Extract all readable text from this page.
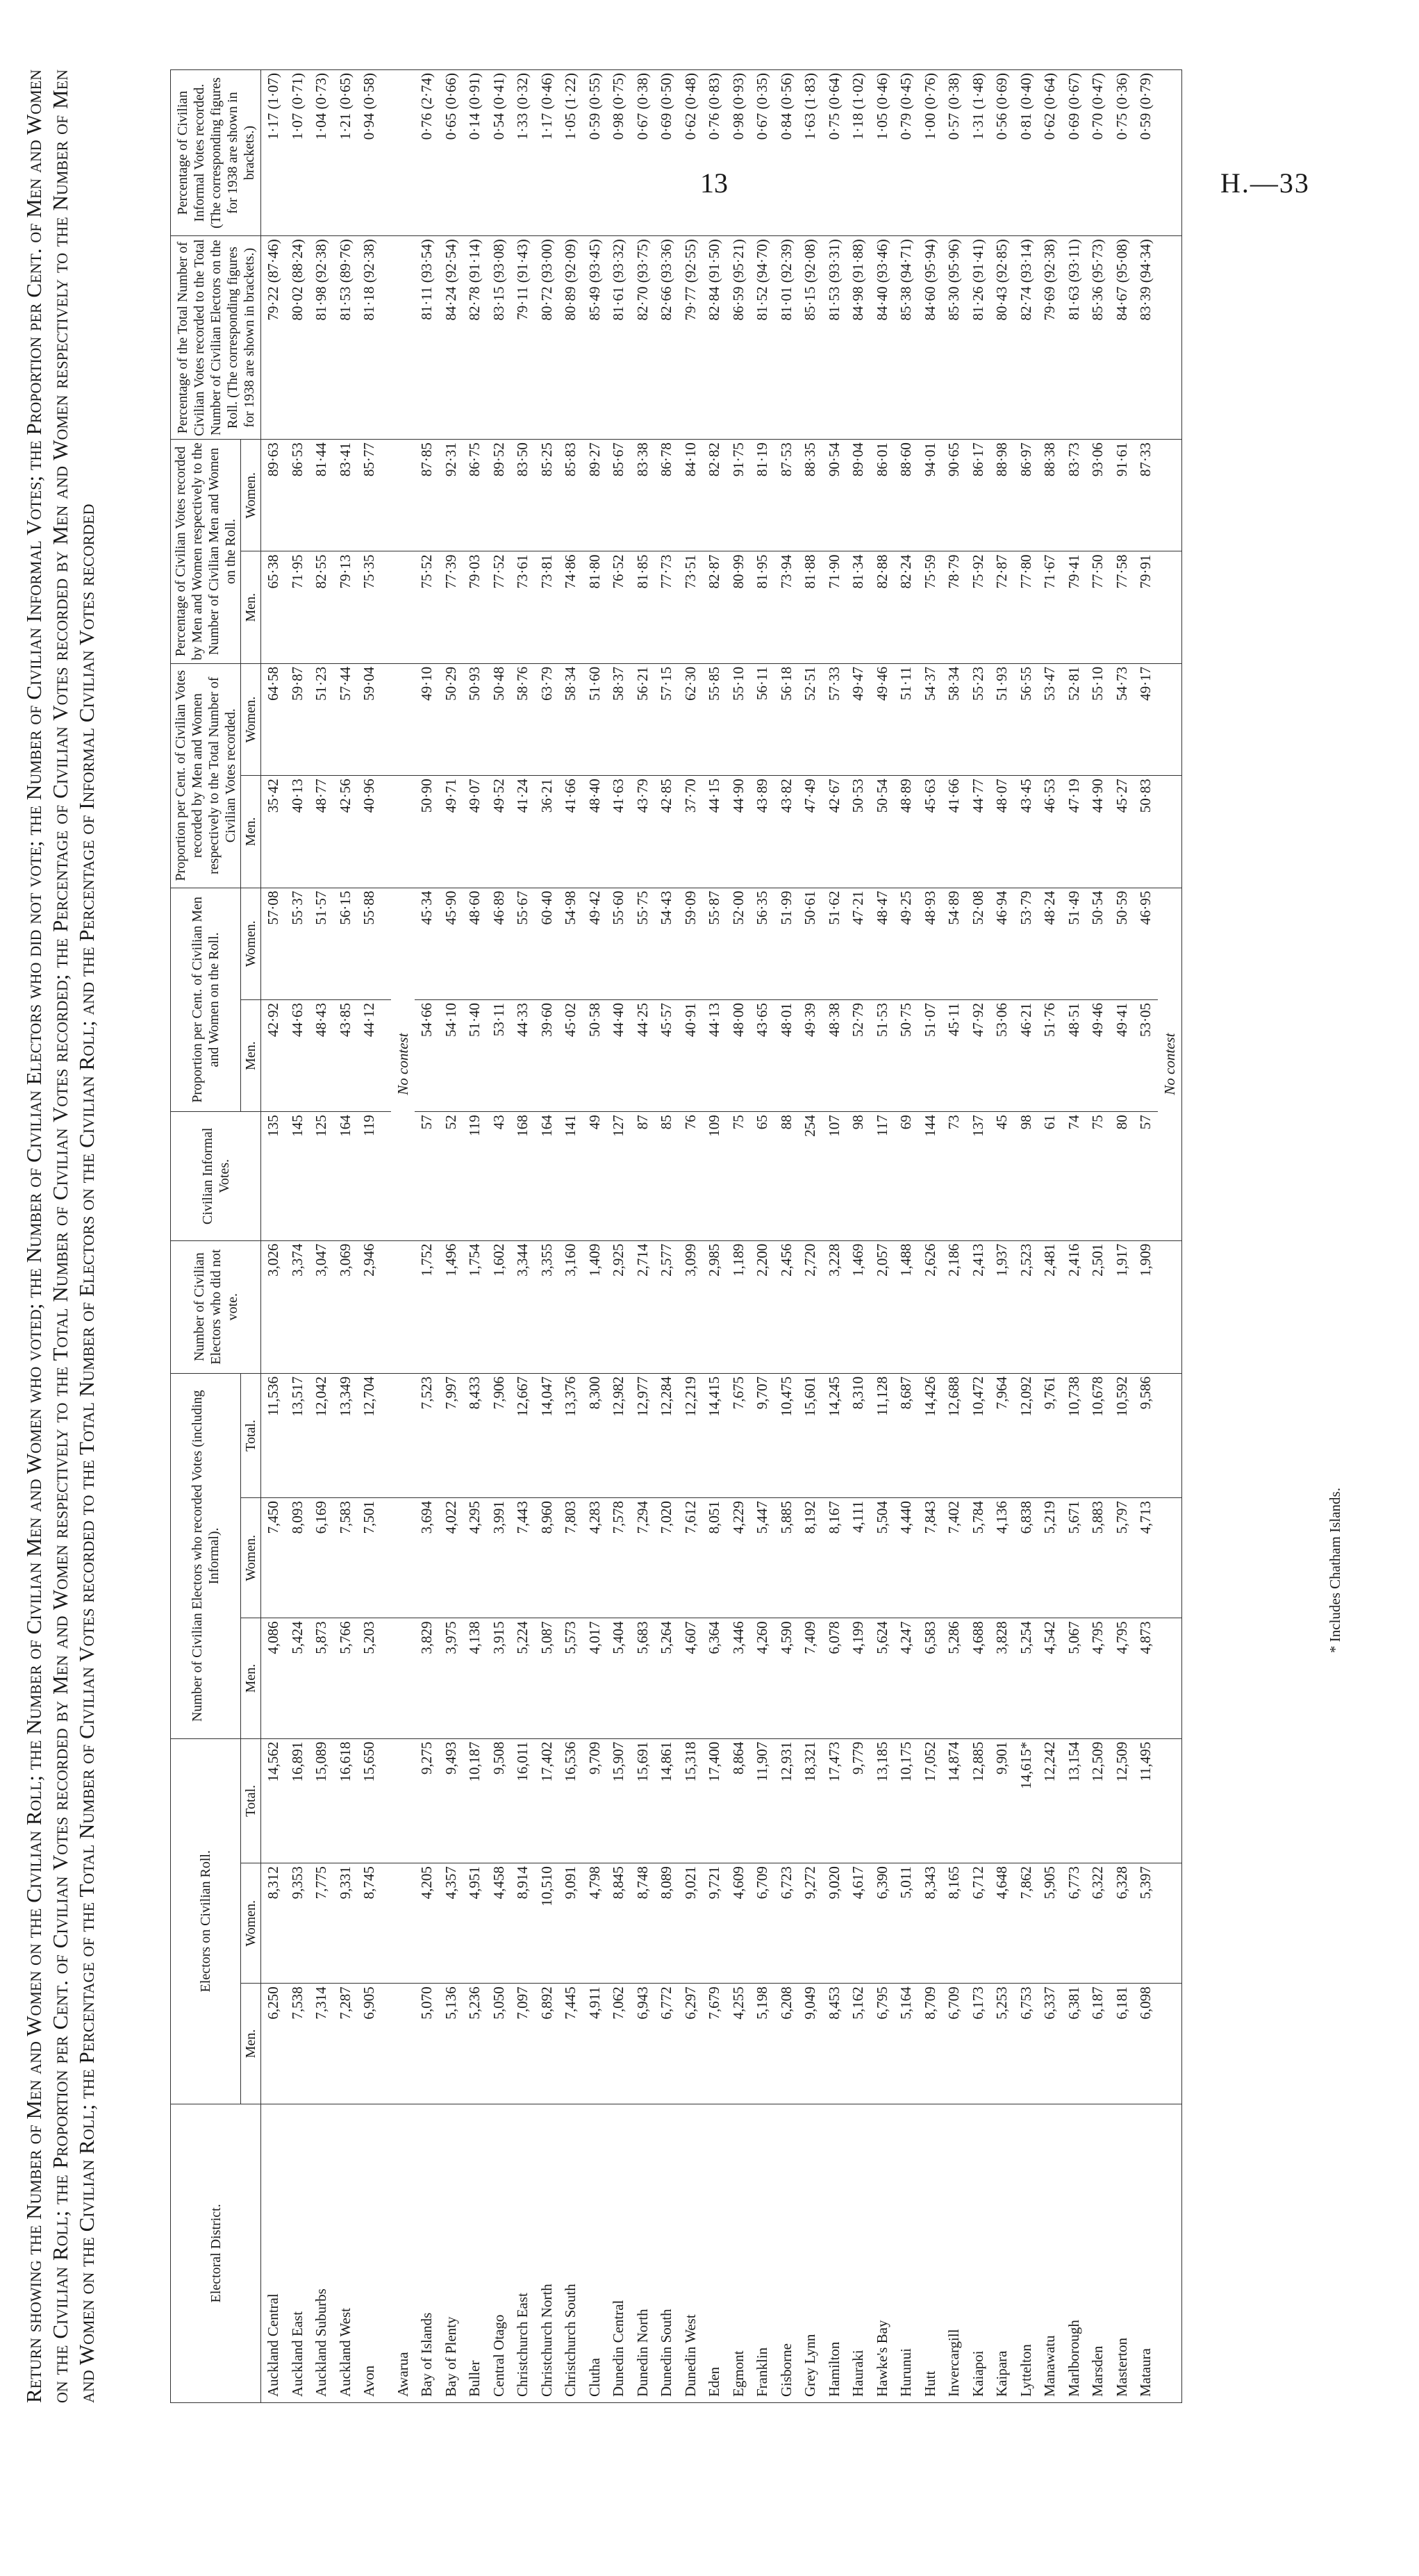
13	H.—33
Return showing the Number of Men and Women on the Civilian Roll; the Number of Civilian Men and Women who voted; the Number of Civilian Electors who did not vote; the Number of Civilian Informal Votes; the Proportion per Cent. of Men and Women on the Civilian Roll; the Proportion per Cent. of Civilian Votes recorded by Men and Women respectively to the Total Number of Civilian Votes recorded; the Percentage of Civilian Votes recorded by Men and Women respectively to the Number of Men and Women on the Civilian Roll; the Percentage of the Total Number of Civilian Votes recorded to the Total Number of Electors on the Civilian Roll; and the Percentage of Informal Civilian Votes recorded	Electoral District.	Electors on Civilian Roll.			Number of Civilian Electors who recorded Votes (including Informal).			Number of Civilian Electors who did not vote.	Civilian Informal Votes.	Proportion per Cent. of Civilian Men and Women on the Roll.		Proportion per Cent. of Civilian Votes recorded by Men and Women respectively to the Total Number of Civilian Votes recorded.		Percentage of Civilian Votes recorded by Men and Women respectively to the Number of Civilian Men and Women on the Roll.		Percentage of the Total Number of Civilian Votes recorded to the Total Number of Civilian Electors on the Roll. (The corresponding figures for 1938 are shown in brackets.)	Percentage of Civilian Informal Votes recorded. (The corresponding figures for 1938 are shown in brackets.)
	Men.	Women.	Total.	Men.	Women.	Total.			Men.	Women.	Men.	Women.	Men.	Women.		
Auckland Central	6,250	8,312	14,562	4,086	7,450	11,536	3,026	135	42·92	57·08	35·42	64·58	65·38	89·63	79·22 (87·46)	1·17 (1·07)
Auckland East	7,538	9,353	16,891	5,424	8,093	13,517	3,374	145	44·63	55·37	40·13	59·87	71·95	86·53	80·02 (88·24)	1·07 (0·71)
Auckland Suburbs	7,314	7,775	15,089	5,873	6,169	12,042	3,047	125	48·43	51·57	48·77	51·23	82·55	81·44	81·98 (92·38)	1·04 (0·73)
Auckland West	7,287	9,331	16,618	5,766	7,583	13,349	3,069	164	43·85	56·15	42·56	57·44	79·13	83·41	81·53 (89·76)	1·21 (0·65)
Avon	6,905	8,745	15,650	5,203	7,501	12,704	2,946	119	44·12	55·88	40·96	59·04	75·35	85·77	81·18 (92·38)	0·94 (0·58)

Awarua								No contest								
Bay of Islands	5,070	4,205	9,275	3,829	3,694	7,523	1,752	57	54·66	45·34	50·90	49·10	75·52	87·85	81·11 (93·54)	0·76 (2·74)
Bay of Plenty	5,136	4,357	9,493	3,975	4,022	7,997	1,496	52	54·10	45·90	49·71	50·29	77·39	92·31	84·24 (92·54)	0·65 (0·66)
Buller	5,236	4,951	10,187	4,138	4,295	8,433	1,754	119	51·40	48·60	49·07	50·93	79·03	86·75	82·78 (91·14)	0·14 (0·91)
Central Otago	5,050	4,458	9,508	3,915	3,991	7,906	1,602	43	53·11	46·89	49·52	50·48	77·52	89·52	83·15 (93·08)	0·54 (0·41)
Christchurch East	7,097	8,914	16,011	5,224	7,443	12,667	3,344	168	44·33	55·67	41·24	58·76	73·61	83·50	79·11 (91·43)	1·33 (0·32)
Christchurch North	6,892	10,510	17,402	5,087	8,960	14,047	3,355	164	39·60	60·40	36·21	63·79	73·81	85·25	80·72 (93·00)	1·17 (0·46)
Christchurch South	7,445	9,091	16,536	5,573	7,803	13,376	3,160	141	45·02	54·98	41·66	58·34	74·86	85·83	80·89 (92·09)	1·05 (1·22)
Clutha	4,911	4,798	9,709	4,017	4,283	8,300	1,409	49	50·58	49·42	48·40	51·60	81·80	89·27	85·49 (93·45)	0·59 (0·55)
Dunedin Central	7,062	8,845	15,907	5,404	7,578	12,982	2,925	127	44·40	55·60	41·63	58·37	76·52	85·67	81·61 (93·32)	0·98 (0·75)
Dunedin North	6,943	8,748	15,691	5,683	7,294	12,977	2,714	87	44·25	55·75	43·79	56·21	81·85	83·38	82·70 (93·75)	0·67 (0·38)
Dunedin South	6,772	8,089	14,861	5,264	7,020	12,284	2,577	85	45·57	54·43	42·85	57·15	77·73	86·78	82·66 (93·36)	0·69 (0·50)
Dunedin West	6,297	9,021	15,318	4,607	7,612	12,219	3,099	76	40·91	59·09	37·70	62·30	73·51	84·10	79·77 (92·55)	0·62 (0·48)
Eden	7,679	9,721	17,400	6,364	8,051	14,415	2,985	109	44·13	55·87	44·15	55·85	82·87	82·82	82·84 (91·50)	0·76 (0·83)
Egmont	4,255	4,609	8,864	3,446	4,229	7,675	1,189	75	48·00	52·00	44·90	55·10	80·99	91·75	86·59 (95·21)	0·98 (0·93)
Franklin	5,198	6,709	11,907	4,260	5,447	9,707	2,200	65	43·65	56·35	43·89	56·11	81·95	81·19	81·52 (94·70)	0·67 (0·35)
Gisborne	6,208	6,723	12,931	4,590	5,885	10,475	2,456	88	48·01	51·99	43·82	56·18	73·94	87·53	81·01 (92·39)	0·84 (0·56)
Grey Lynn	9,049	9,272	18,321	7,409	8,192	15,601	2,720	254	49·39	50·61	47·49	52·51	81·88	88·35	85·15 (92·08)	1·63 (1·83)
Hamilton	8,453	9,020	17,473	6,078	8,167	14,245	3,228	107	48·38	51·62	42·67	57·33	71·90	90·54	81·53 (93·31)	0·75 (0·64)
Hauraki	5,162	4,617	9,779	4,199	4,111	8,310	1,469	98	52·79	47·21	50·53	49·47	81·34	89·04	84·98 (91·88)	1·18 (1·02)
Hawke's Bay	6,795	6,390	13,185	5,624	5,504	11,128	2,057	117	51·53	48·47	50·54	49·46	82·88	86·01	84·40 (93·46)	1·05 (0·46)
Hurunui	5,164	5,011	10,175	4,247	4,440	8,687	1,488	69	50·75	49·25	48·89	51·11	82·24	88·60	85·38 (94·71)	0·79 (0·45)
Hutt	8,709	8,343	17,052	6,583	7,843	14,426	2,626	144	51·07	48·93	45·63	54·37	75·59	94·01	84·60 (95·94)	1·00 (0·76)
Invercargill	6,709	8,165	14,874	5,286	7,402	12,688	2,186	73	45·11	54·89	41·66	58·34	78·79	90·65	85·30 (95·96)	0·57 (0·38)
Kaiapoi	6,173	6,712	12,885	4,688	5,784	10,472	2,413	137	47·92	52·08	44·77	55·23	75·92	86·17	81·26 (91·41)	1·31 (1·48)
Kaipara	5,253	4,648	9,901	3,828	4,136	7,964	1,937	45	53·06	46·94	48·07	51·93	72·87	88·98	80·43 (92·85)	0·56 (0·69)
Lyttelton	6,753	7,862	14,615*	5,254	6,838	12,092	2,523	98	46·21	53·79	43·45	56·55	77·80	86·97	82·74 (93·14)	0·81 (0·40)
Manawatu	6,337	5,905	12,242	4,542	5,219	9,761	2,481	61	51·76	48·24	46·53	53·47	71·67	88·38	79·69 (92·38)	0·62 (0·64)
Marlborough	6,381	6,773	13,154	5,067	5,671	10,738	2,416	74	48·51	51·49	47·19	52·81	79·41	83·73	81·63 (93·11)	0·69 (0·67)
Marsden	6,187	6,322	12,509	4,795	5,883	10,678	2,501	75	49·46	50·54	44·90	55·10	77·50	93·06	85·36 (95·73)	0·70 (0·47)
Masterton	6,181	6,328	12,509	4,795	5,797	10,592	1,917	80	49·41	50·59	45·27	54·73	77·58	91·61	84·67 (95·08)	0·75 (0·36)
Mataura	6,098	5,397	11,495	4,873	4,713	9,586	1,909	57	53·05	46·95	50·83	49·17	79·91	87·33	83·39 (94·34)	0·59 (0·79)
								No contest								
* Includes Chatham Islands.
